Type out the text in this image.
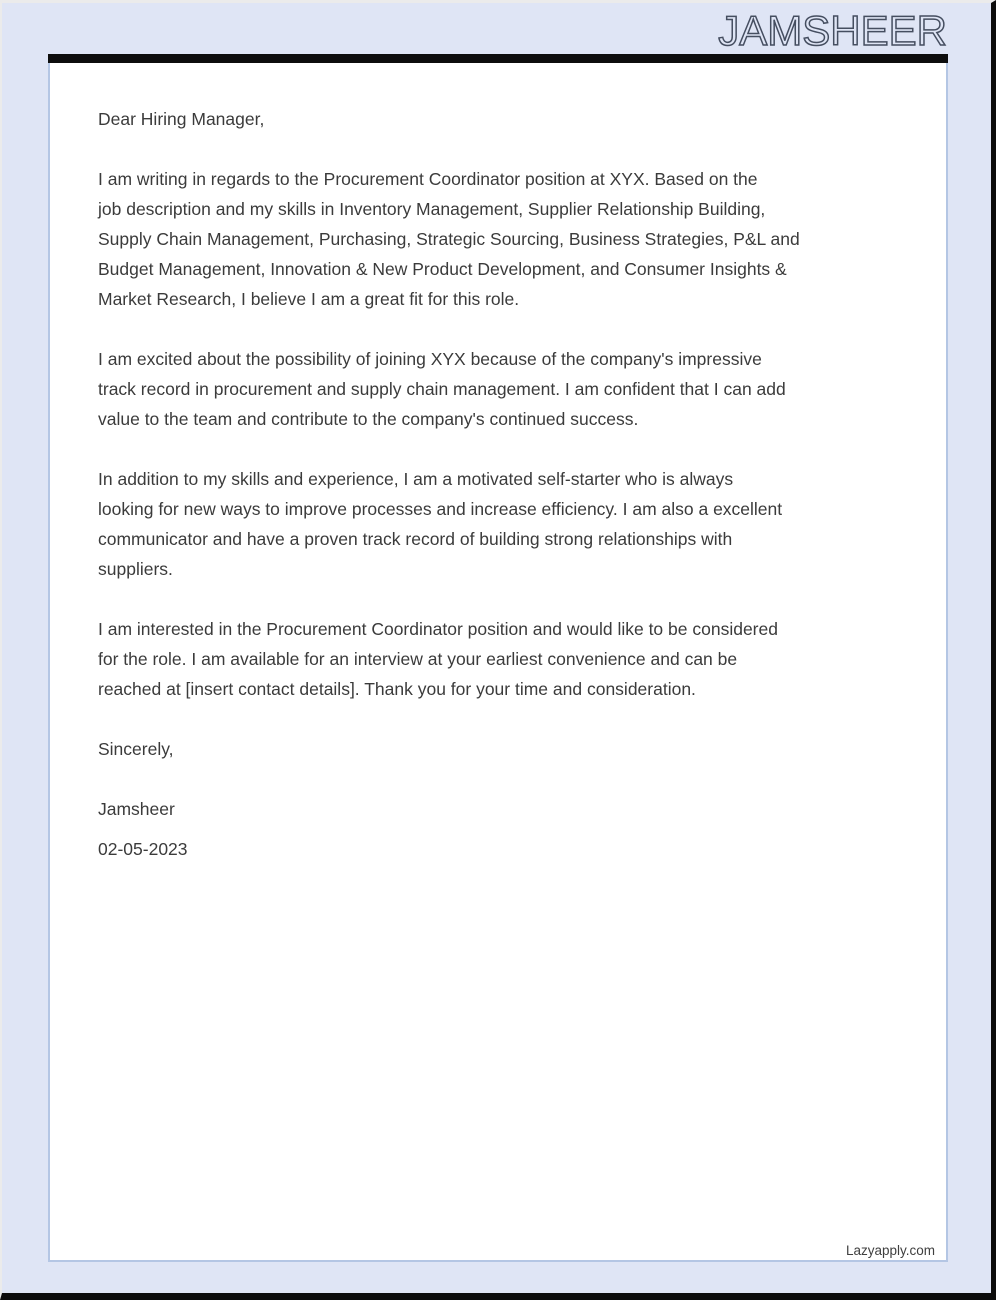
JAMSHEER
Dear Hiring Manager,
I am writing in regards to the Procurement Coordinator position at XYX. Based on the
job description and my skills in Inventory Management, Supplier Relationship Building,
Supply Chain Management, Purchasing, Strategic Sourcing, Business Strategies, P&L and
Budget Management, Innovation & New Product Development, and Consumer Insights &
Market Research, I believe I am a great fit for this role.
I am excited about the possibility of joining XYX because of the company's impressive
track record in procurement and supply chain management. I am confident that I can add
value to the team and contribute to the company's continued success.
In addition to my skills and experience, I am a motivated self-starter who is always
looking for new ways to improve processes and increase efficiency. I am also a excellent
communicator and have a proven track record of building strong relationships with
suppliers.
I am interested in the Procurement Coordinator position and would like to be considered
for the role. I am available for an interview at your earliest convenience and can be
reached at [insert contact details]. Thank you for your time and consideration.
Sincerely,
Jamsheer
02-05-2023
Lazyapply.com
